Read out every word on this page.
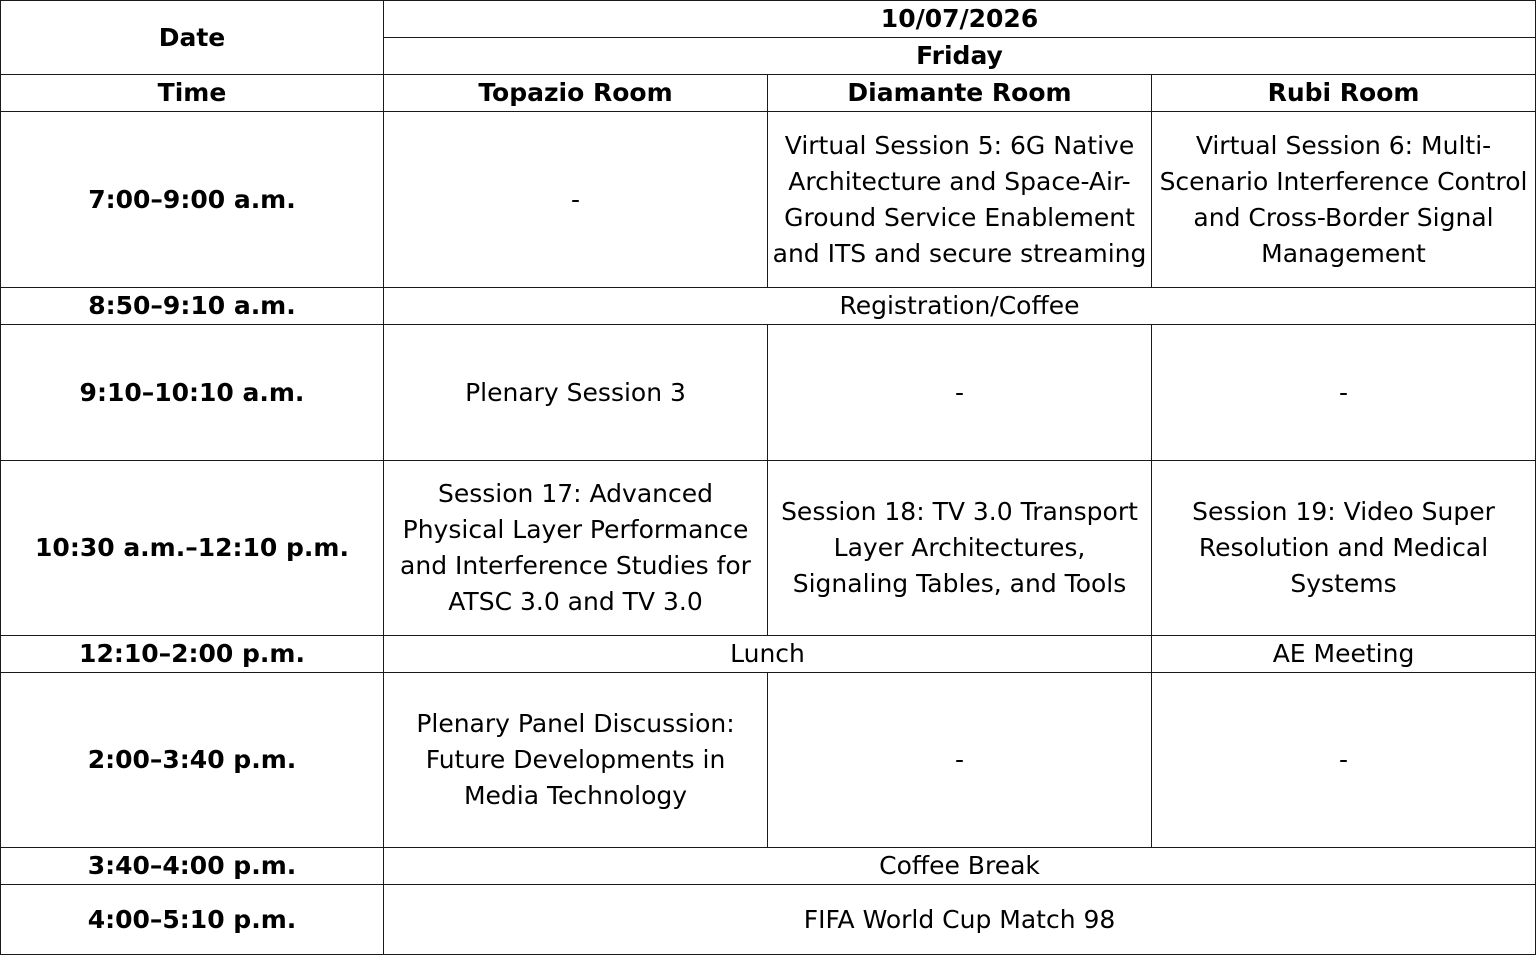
Date	10/07/2026		
	Friday		
Time	Topazio Room	Diamante Room	Rubi Room
7:00–9:00 a.m.	-	Virtual Session 5: 6G Native Architecture and Space-Air-Ground Service Enablement and ITS and secure streaming	Virtual Session 6: Multi-Scenario Interference Control and Cross-Border Signal Management
8:50–9:10 a.m.	Registration/Coffee		
9:10–10:10 a.m.	Plenary Session 3	-	-
10:30 a.m.–12:10 p.m.	Session 17: Advanced Physical Layer Performance and Interference Studies for ATSC 3.0 and TV 3.0	Session 18: TV 3.0 Transport Layer Architectures, Signaling Tables, and Tools	Session 19: Video Super Resolution and Medical Systems
12:10–2:00 p.m.	Lunch		AE Meeting
2:00–3:40 p.m.	Plenary Panel Discussion: Future Developments in Media Technology	-	-
3:40–4:00 p.m.	Coffee Break		
4:00–5:10 p.m.	FIFA World Cup Match 98		
